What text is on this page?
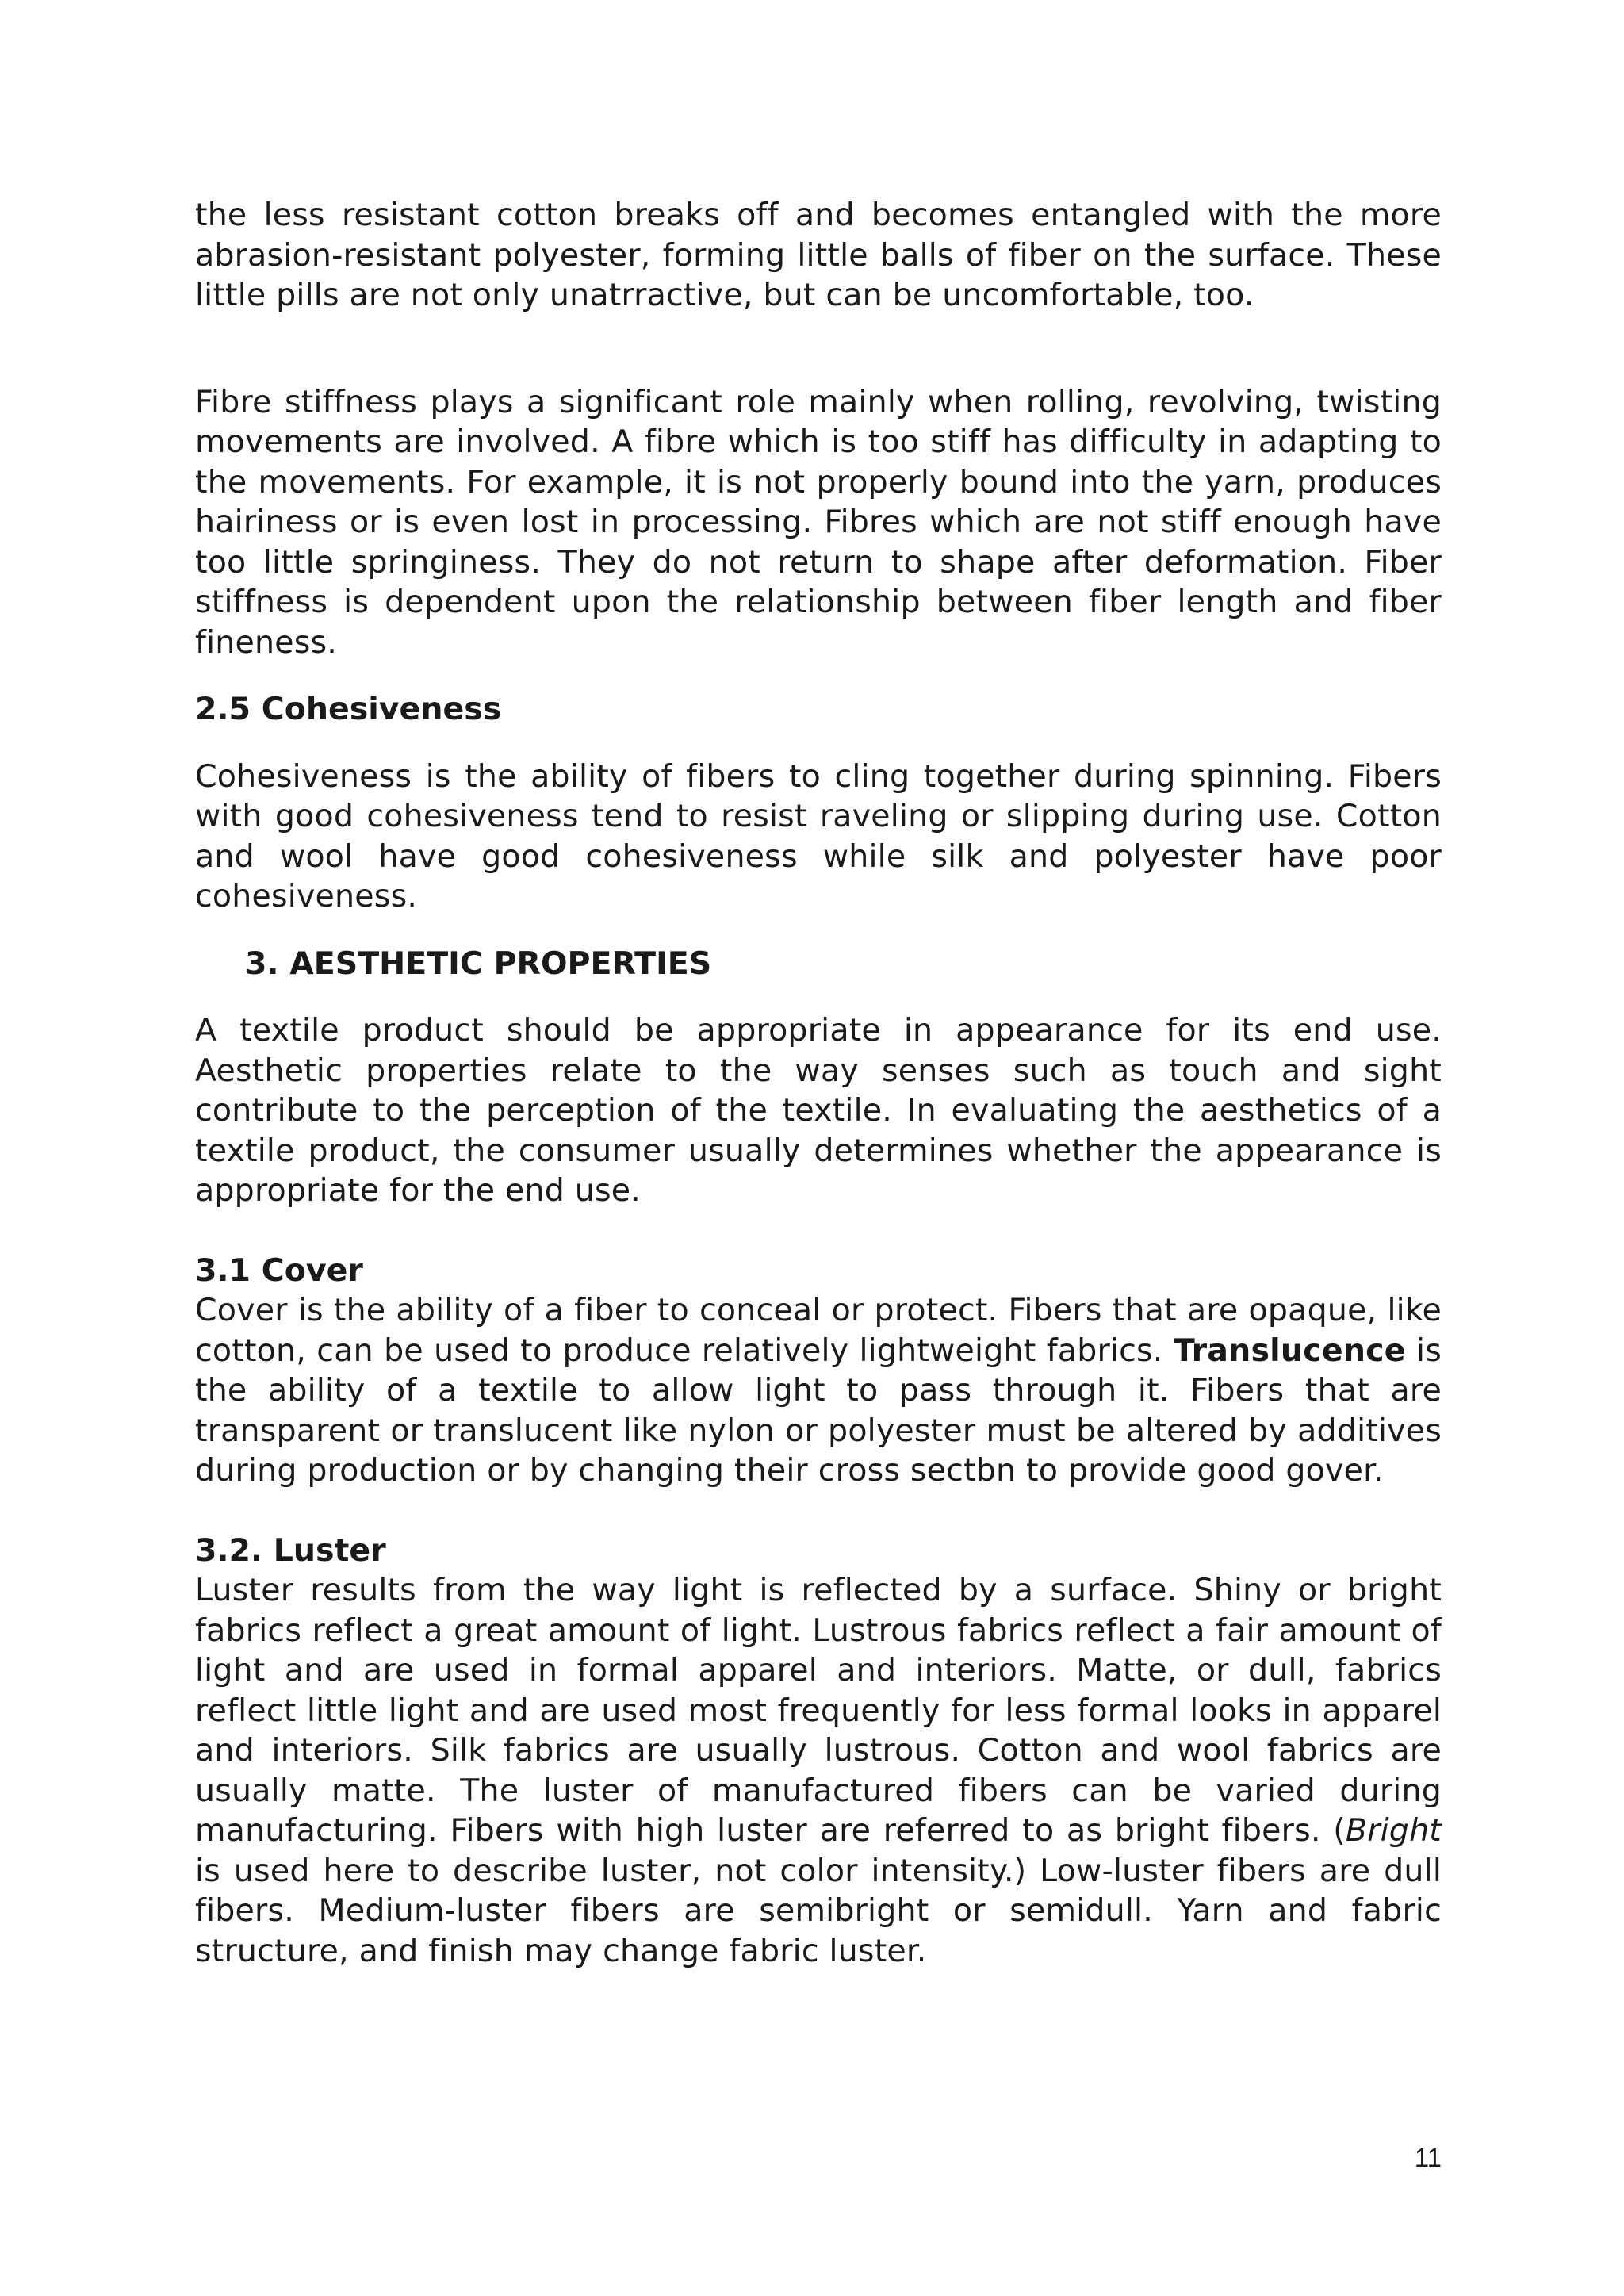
the less resistant cotton breaks off and becomes entangled with the more abrasion-resistant polyester, forming little balls of fiber on the surface. These little pills are not only unatrractive, but can be uncomfortable, too.

Fibre stiffness plays a significant role mainly when rolling, revolving, twisting movements are involved. A fibre which is too stiff has difficulty in adapting to the movements. For example, it is not properly bound into the yarn, produces hairiness or is even lost in processing. Fibres which are not stiff enough have too little springiness. They do not return to shape after deformation. Fiber stiffness is dependent upon the relationship between fiber length and fiber fineness.

2.5 Cohesiveness

Cohesiveness is the ability of fibers to cling together during spinning. Fibers with good cohesiveness tend to resist raveling or slipping during use. Cotton and wool have good cohesiveness while silk and polyester have poor cohesiveness.

3. AESTHETIC PROPERTIES

A textile product should be appropriate in appearance for its end use. Aesthetic properties relate to the way senses such as touch and sight contribute to the perception of the textile. In evaluating the aesthetics of a textile product, the consumer usually determines whether the appearance is appropriate for the end use.

3.1 Cover

Cover is the ability of a fiber to conceal or protect. Fibers that are opaque, like cotton, can be used to produce relatively lightweight fabrics. Translucence is the ability of a textile to allow light to pass through it. Fibers that are transparent or translucent like nylon or polyester must be altered by additives during production or by changing their cross sectbn to provide good gover.

3.2. Luster

Luster results from the way light is reflected by a surface. Shiny or bright fabrics reflect a great amount of light. Lustrous fabrics reflect a fair amount of light and are used in formal apparel and interiors. Matte, or dull, fabrics reflect little light and are used most frequently for less formal looks in apparel and interiors. Silk fabrics are usually lustrous. Cotton and wool fabrics are usually matte. The luster of manufactured fibers can be varied during manufacturing. Fibers with high luster are referred to as bright fibers. (Bright is used here to describe luster, not color intensity.) Low-luster fibers are dull fibers. Medium-luster fibers are semibright or semidull. Yarn and fabric structure, and finish may change fabric luster.

11
